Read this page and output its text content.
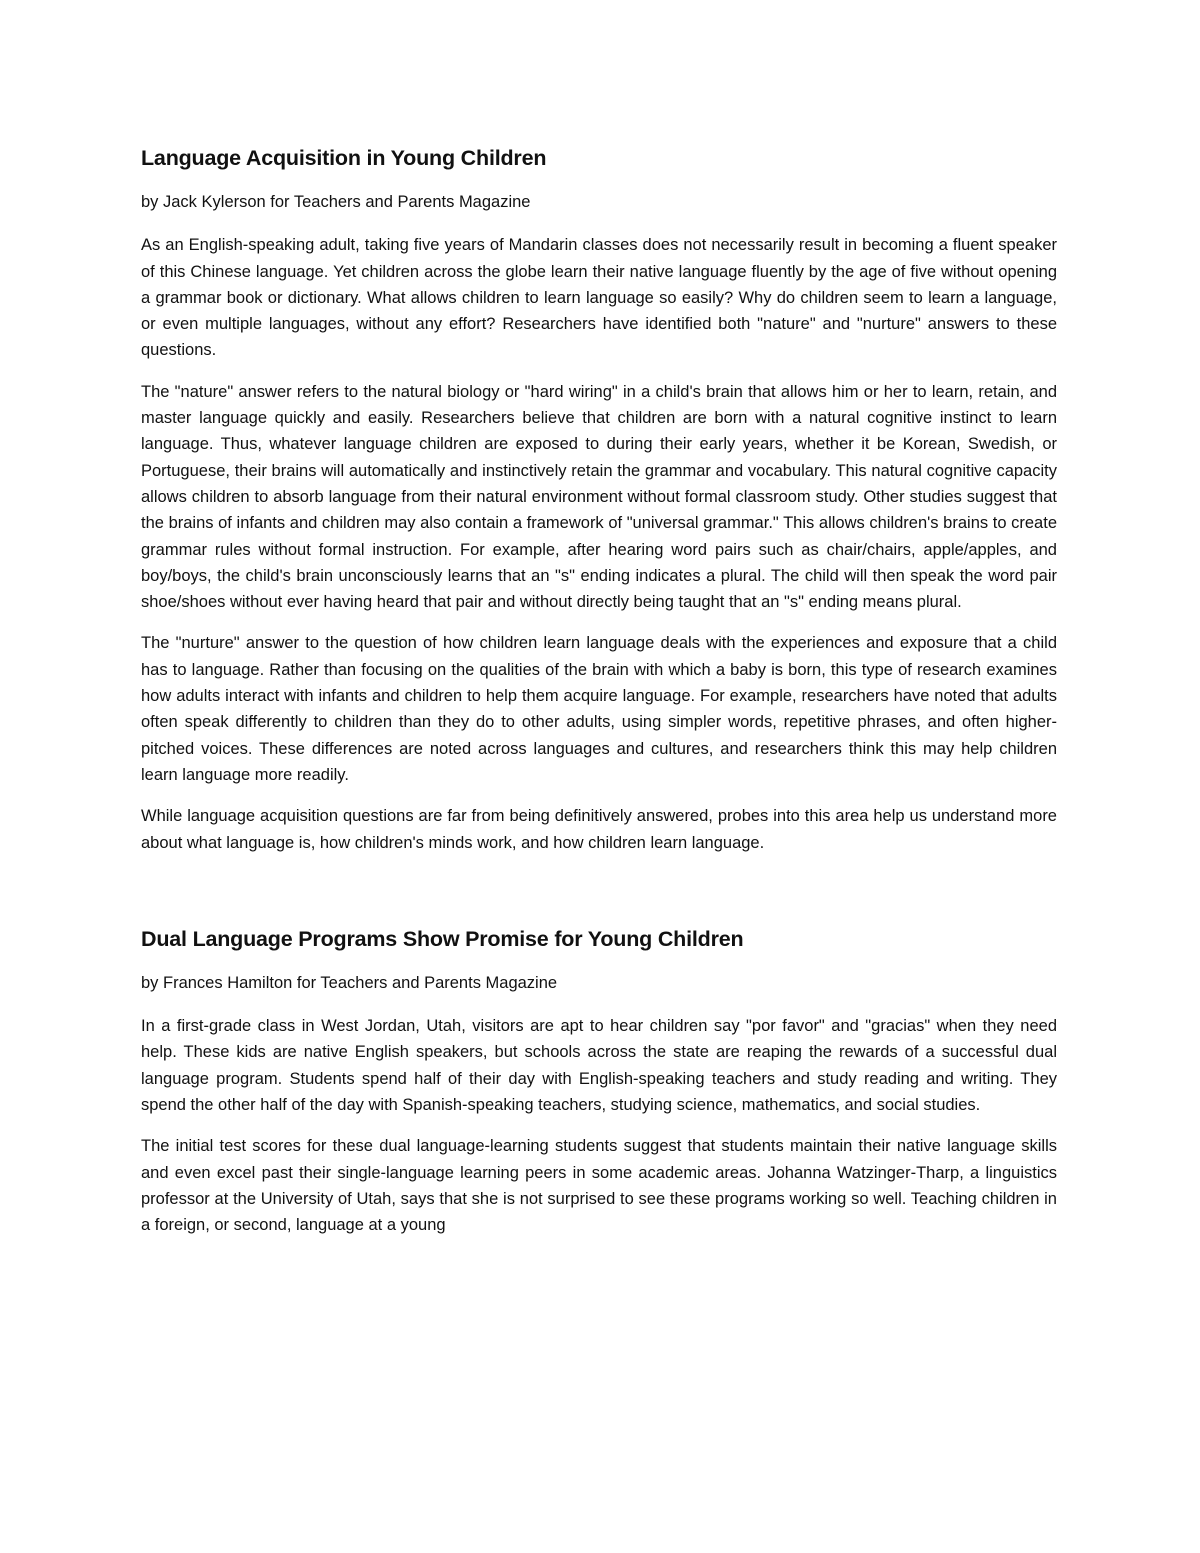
Language Acquisition in Young Children
by Jack Kylerson for Teachers and Parents Magazine

As an English-speaking adult, taking five years of Mandarin classes does not necessarily result in becoming a fluent speaker of this Chinese language. Yet children across the globe learn their native language fluently by the age of five without opening a grammar book or dictionary. What allows children to learn language so easily? Why do children seem to learn a language, or even multiple languages, without any effort? Researchers have identified both "nature" and "nurture" answers to these questions.

The "nature" answer refers to the natural biology or "hard wiring" in a child's brain that allows him or her to learn, retain, and master language quickly and easily. Researchers believe that children are born with a natural cognitive instinct to learn language. Thus, whatever language children are exposed to during their early years, whether it be Korean, Swedish, or Portuguese, their brains will automatically and instinctively retain the grammar and vocabulary. This natural cognitive capacity allows children to absorb language from their natural environment without formal classroom study. Other studies suggest that the brains of infants and children may also contain a framework of "universal grammar." This allows children's brains to create grammar rules without formal instruction. For example, after hearing word pairs such as chair/chairs, apple/apples, and boy/boys, the child's brain unconsciously learns that an "s" ending indicates a plural. The child will then speak the word pair shoe/shoes without ever having heard that pair and without directly being taught that an "s" ending means plural.

The "nurture" answer to the question of how children learn language deals with the experiences and exposure that a child has to language. Rather than focusing on the qualities of the brain with which a baby is born, this type of research examines how adults interact with infants and children to help them acquire language. For example, researchers have noted that adults often speak differently to children than they do to other adults, using simpler words, repetitive phrases, and often higher-pitched voices. These differences are noted across languages and cultures, and researchers think this may help children learn language more readily.

While language acquisition questions are far from being definitively answered, probes into this area help us understand more about what language is, how children's minds work, and how children learn language.

Dual Language Programs Show Promise for Young Children
by Frances Hamilton for Teachers and Parents Magazine

In a first-grade class in West Jordan, Utah, visitors are apt to hear children say "por favor" and "gracias" when they need help. These kids are native English speakers, but schools across the state are reaping the rewards of a successful dual language program. Students spend half of their day with English-speaking teachers and study reading and writing. They spend the other half of the day with Spanish-speaking teachers, studying science, mathematics, and social studies.

The initial test scores for these dual language-learning students suggest that students maintain their native language skills and even excel past their single-language learning peers in some academic areas. Johanna Watzinger-Tharp, a linguistics professor at the University of Utah, says that she is not surprised to see these programs working so well. Teaching children in a foreign, or second, language at a young
